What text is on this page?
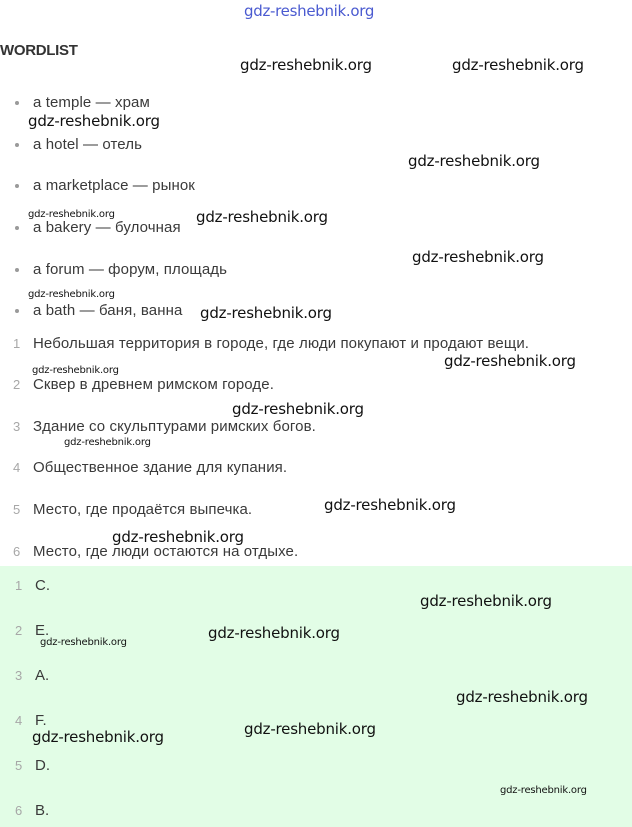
gdz-reshebnik.org
WORDLIST
a temple — храм
a hotel — отель
a marketplace — рынок
a bakery — булочная
a forum — форум, площадь
a bath — баня, ванна
1 Небольшая территория в городе, где люди покупают и продают вещи.
2 Сквер в древнем римском городе.
3 Здание со скульптурами римских богов.
4 Общественное здание для купания.
5 Место, где продаётся выпечка.
6 Место, где люди остаются на отдыхе.
1 C.
2 E.
3 A.
4 F.
5 D.
6 B.
gdz-reshebnik.org	gdz-reshebnik.org
gdz-reshebnik.org
gdz-reshebnik.org
gdz-reshebnik.org	gdz-reshebnik.org
gdz-reshebnik.org
gdz-reshebnik.org
gdz-reshebnik.org
gdz-reshebnik.org
gdz-reshebnik.org
gdz-reshebnik.org
gdz-reshebnik.org
gdz-reshebnik.org
gdz-reshebnik.org
gdz-reshebnik.org
gdz-reshebnik.org
gdz-reshebnik.org
gdz-reshebnik.org
gdz-reshebnik.org
gdz-reshebnik.org
gdz-reshebnik.org
